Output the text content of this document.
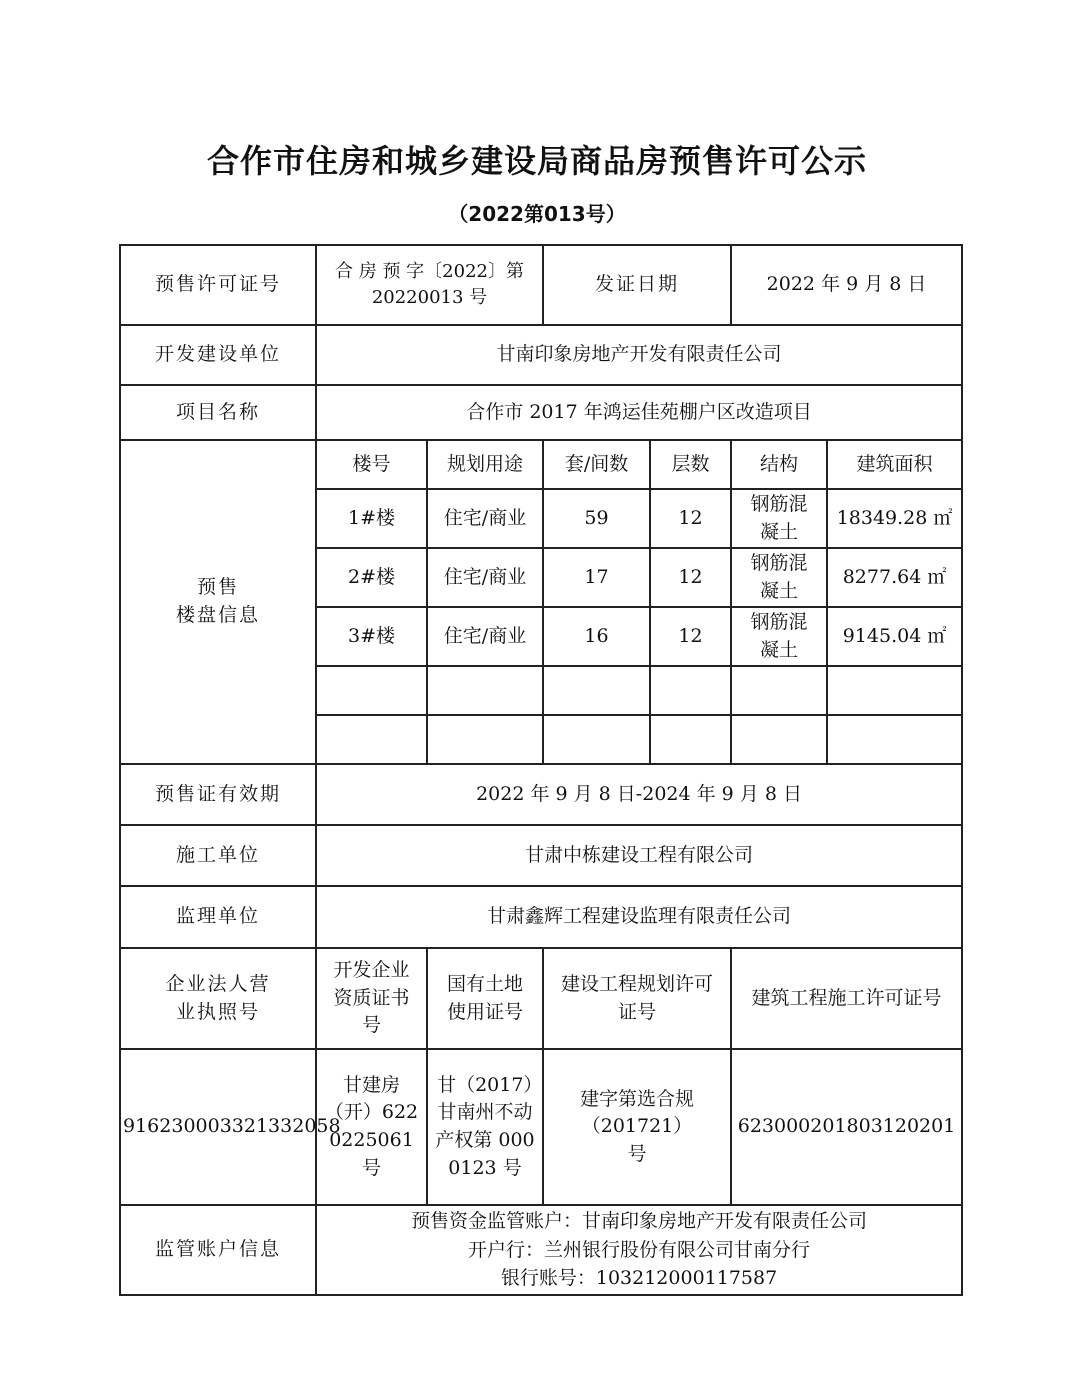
合作市住房和城乡建设局商品房预售许可公示
（2022第013号）
预售许可证号	合 房 预 字〔2022〕第 20220013 号		发证日期		2022 年 9 月 8 日	
开发建设单位	甘南印象房地产开发有限责任公司					
项目名称	合作市 2017 年鸿运佳苑棚户区改造项目					

预售
楼盘信息	楼号	规划用途	套/间数	层数	结构	建筑面积
	1#楼	住宅/商业	59	12	钢筋混凝土	18349.28 ㎡
	2#楼	住宅/商业	17	12	钢筋混凝土	8277.64 ㎡
	3#楼	住宅/商业	16	12	钢筋混凝土	9145.04 ㎡

预售证有效期	2022 年 9 月 8 日-2024 年 9 月 8 日					
施工单位	甘肃中栋建设工程有限公司					
监理单位	甘肃鑫辉工程建设监理有限责任公司					
企业法人营业执照号	开发企业资质证书号	国有土地使用证号	建设工程规划许可证号		建筑工程施工许可证号	
916230003321332058	甘建房（开）6220225061 号	甘（2017）甘南州不动产权第 0000123 号	建字第选合规（201721）号		623000201803120201	
监管账户信息	预售资金监管账户：甘南印象房地产开发有限责任公司
开户行：兰州银行股份有限公司甘南分行
银行账号：103212000117587					
